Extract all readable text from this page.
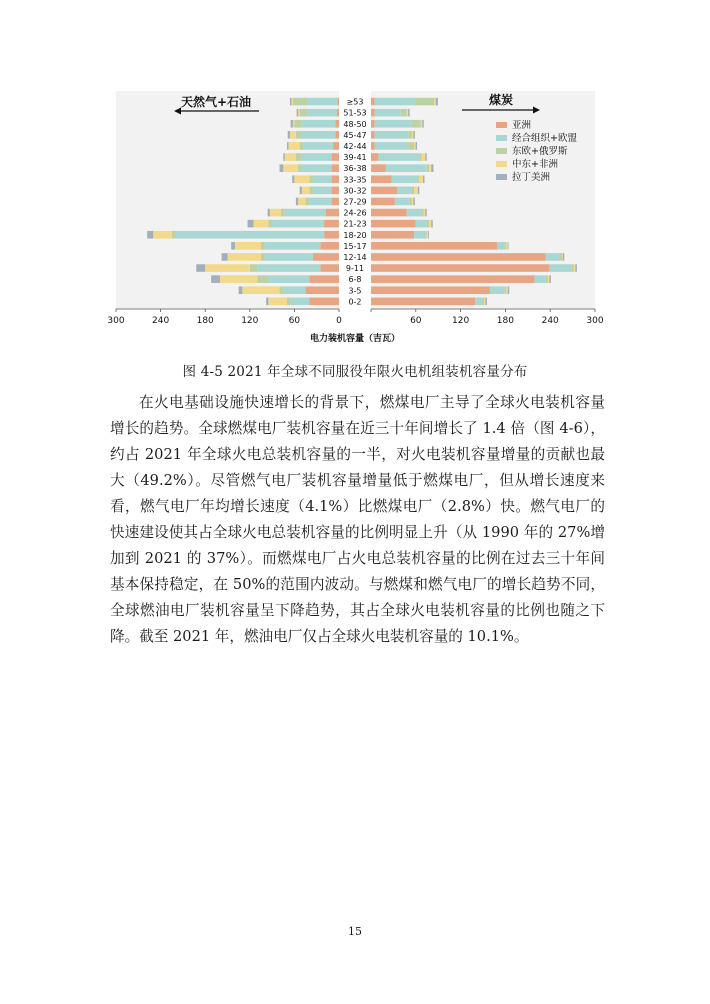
≥53
51-53
48-50
45-47
42-44
39-41
36-38
33-35
30-32
27-29
24-26
21-23
18-20
15-17
12-14
9-11
6-8
3-5
0-2
天然气+石油	煤炭
亚洲
经合组织+欧盟
东欧+俄罗斯
中东+非洲
拉丁美洲
300	240	180	120	60	0	60	120	180	240	300
电力装机容量（吉瓦）
图 4-5 2021 年全球不同服役年限火电机组装机容量分布

在火电基础设施快速增长的背景下，燃煤电厂主导了全球火电装机容量增长的趋势。全球燃煤电厂装机容量在近三十年间增长了 1.4 倍（图 4-6），约占 2021 年全球火电总装机容量的一半，对火电装机容量增量的贡献也最大（49.2%）。尽管燃气电厂装机容量增量低于燃煤电厂，但从增长速度来看，燃气电厂年均增长速度（4.1%）比燃煤电厂（2.8%）快。燃气电厂的快速建设使其占全球火电总装机容量的比例明显上升（从 1990 年的 27%增加到 2021 的 37%）。而燃煤电厂占火电总装机容量的比例在过去三十年间基本保持稳定，在 50%的范围内波动。与燃煤和燃气电厂的增长趋势不同，全球燃油电厂装机容量呈下降趋势，其占全球火电装机容量的比例也随之下降。截至 2021 年，燃油电厂仅占全球火电装机容量的 10.1%。

15
